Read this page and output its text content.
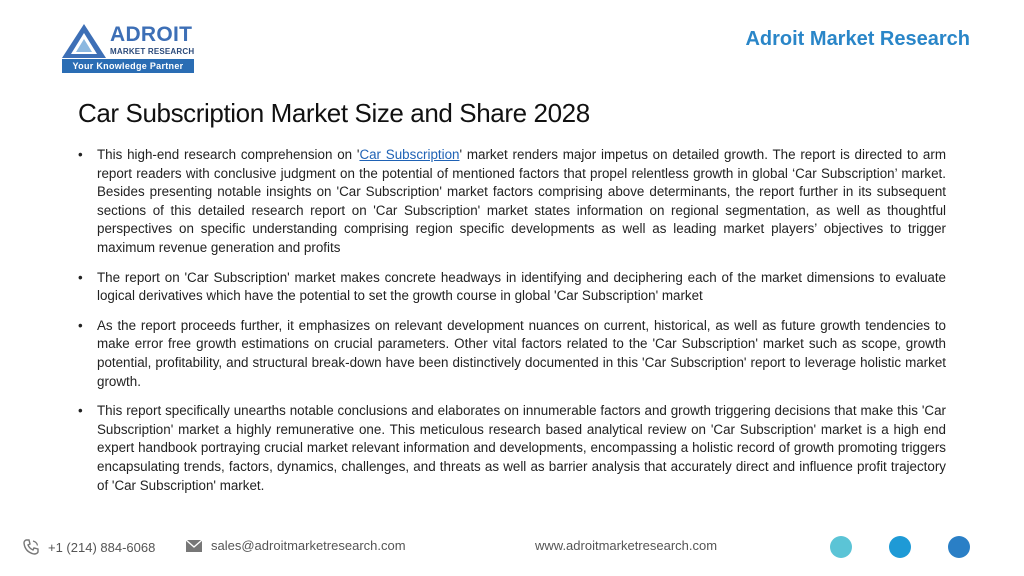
ADROIT
MARKET RESEARCH
Your Knowledge Partner
Adroit Market Research
Car Subscription Market Size and Share 2028
• This high-end research comprehension on 'Car Subscription' market renders major impetus on detailed growth. The report is directed to arm report readers with conclusive judgment on the potential of mentioned factors that propel relentless growth in global ‘Car Subscription’ market. Besides presenting notable insights on 'Car Subscription' market factors comprising above determinants, the report further in its subsequent sections of this detailed research report on 'Car Subscription' market states information on regional segmentation, as well as thoughtful perspectives on specific understanding comprising region specific developments as well as leading market players’ objectives to trigger maximum revenue generation and profits
• The report on 'Car Subscription' market makes concrete headways in identifying and deciphering each of the market dimensions to evaluate logical derivatives which have the potential to set the growth course in global 'Car Subscription' market
• As the report proceeds further, it emphasizes on relevant development nuances on current, historical, as well as future growth tendencies to make error free growth estimations on crucial parameters. Other vital factors related to the 'Car Subscription' market such as scope, growth potential, profitability, and structural break-down have been distinctively documented in this 'Car Subscription' report to leverage holistic market growth.
• This report specifically unearths notable conclusions and elaborates on innumerable factors and growth triggering decisions that make this 'Car Subscription' market a highly remunerative one. This meticulous research based analytical review on 'Car Subscription' market is a high end expert handbook portraying crucial market relevant information and developments, encompassing a holistic record of growth promoting triggers encapsulating trends, factors, dynamics, challenges, and threats as well as barrier analysis that accurately direct and influence profit trajectory of 'Car Subscription' market.
+1 (214) 884-6068	sales@adroitmarketresearch.com	www.adroitmarketresearch.com
